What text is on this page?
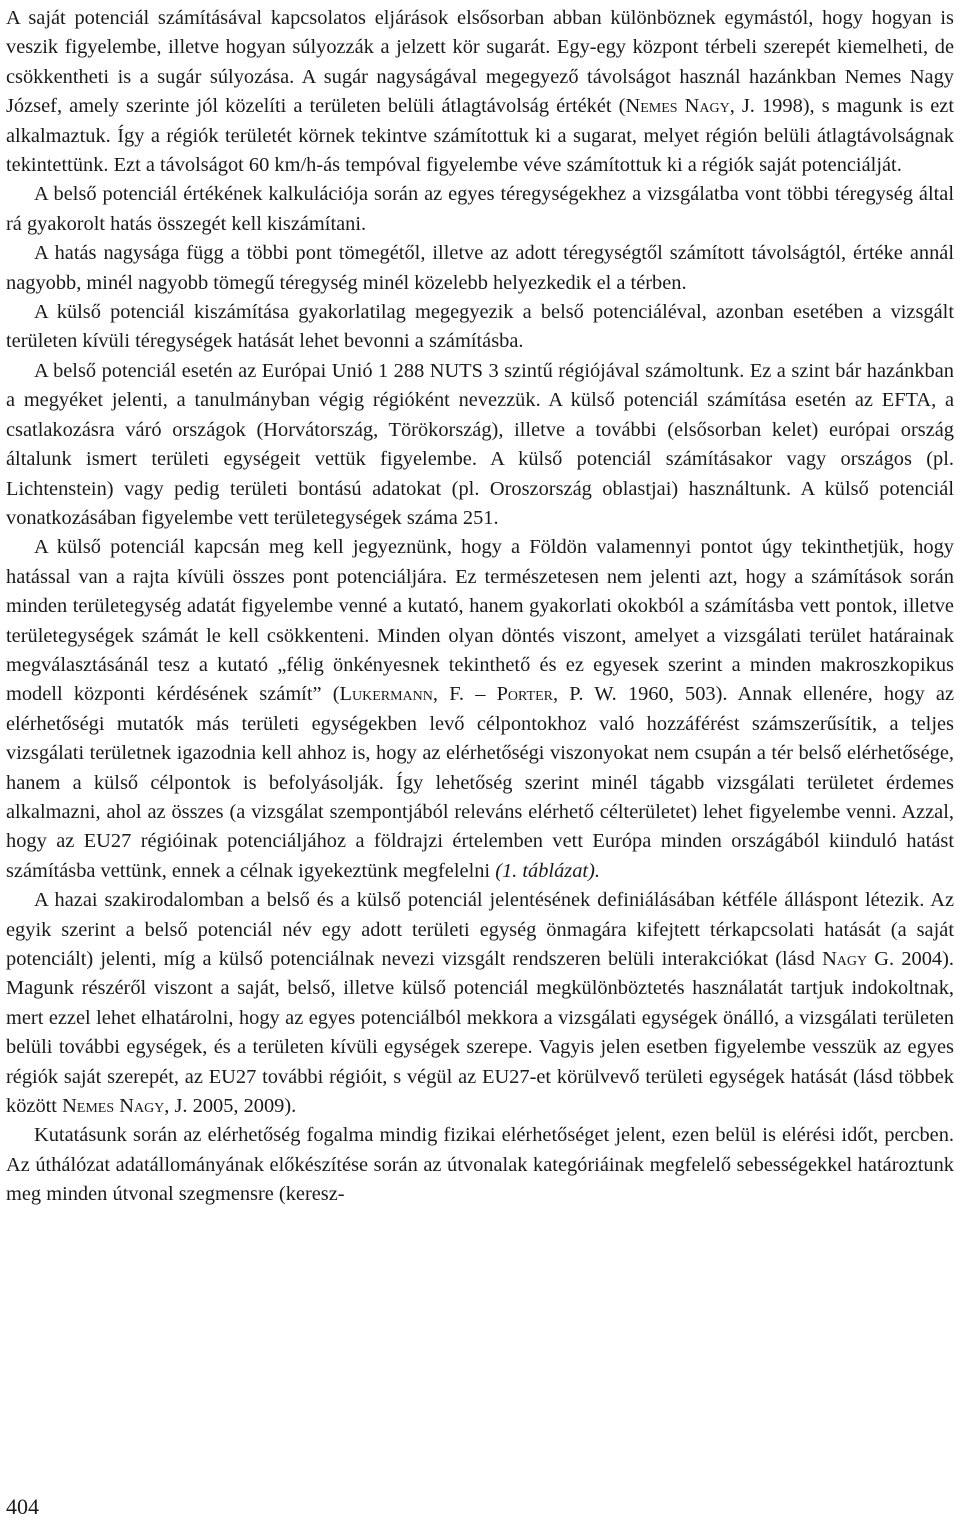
A saját potenciál számításával kapcsolatos eljárások elsősorban abban különböznek egymástól, hogy hogyan is veszik figyelembe, illetve hogyan súlyozzák a jelzett kör sugarát. Egy-egy központ térbeli szerepét kiemelheti, de csökkentheti is a sugár súlyozása. A sugár nagyságával megegyező távolságot használ hazánkban Nemes Nagy József, amely szerinte jól közelíti a területen belüli átlagtávolság értékét (Nemes Nagy, J. 1998), s magunk is ezt alkalmaztuk. Így a régiók területét körnek tekintve számítottuk ki a sugarat, melyet régión belüli átlagtávolságnak tekintettünk. Ezt a távolságot 60 km/h-ás tempóval figyelembe véve számítottuk ki a régiók saját potenciálját.

A belső potenciál értékének kalkulációja során az egyes téregységekhez a vizsgálatba vont többi téregység által rá gyakorolt hatás összegét kell kiszámítani.

A hatás nagysága függ a többi pont tömegétől, illetve az adott téregységtől számított távolságtól, értéke annál nagyobb, minél nagyobb tömegű téregység minél közelebb helyezkedik el a térben.

A külső potenciál kiszámítása gyakorlatilag megegyezik a belső potenciáléval, azonban esetében a vizsgált területen kívüli téregységek hatását lehet bevonni a számításba.

A belső potenciál esetén az Európai Unió 1 288 NUTS 3 szintű régiójával számoltunk. Ez a szint bár hazánkban a megyéket jelenti, a tanulmányban végig régióként nevezzük. A külső potenciál számítása esetén az EFTA, a csatlakozásra váró országok (Horvátország, Törökország), illetve a további (elsősorban kelet) európai ország általunk ismert területi egységeit vettük figyelembe. A külső potenciál számításakor vagy országos (pl. Lichtenstein) vagy pedig területi bontású adatokat (pl. Oroszország oblastjai) használtunk. A külső potenciál vonatkozásában figyelembe vett területegységek száma 251.

A külső potenciál kapcsán meg kell jegyeznünk, hogy a Földön valamennyi pontot úgy tekinthetjük, hogy hatással van a rajta kívüli összes pont potenciáljára. Ez természetesen nem jelenti azt, hogy a számítások során minden területegység adatát figyelembe venné a kutató, hanem gyakorlati okokból a számításba vett pontok, illetve területegységek számát le kell csökkenteni. Minden olyan döntés viszont, amelyet a vizsgálati terület határainak megválasztásánál tesz a kutató „félig önkényesnek tekinthető és ez egyesek szerint a minden makroszkopikus modell központi kérdésének számít” (Lukermann, F. – Porter, P. W. 1960, 503). Annak ellenére, hogy az elérhetőségi mutatók más területi egységekben levő célpontokhoz való hozzáférést számszerűsítik, a teljes vizsgálati területnek igazodnia kell ahhoz is, hogy az elérhetőségi viszonyokat nem csupán a tér belső elérhetősége, hanem a külső célpontok is befolyásolják. Így lehetőség szerint minél tágabb vizsgálati területet érdemes alkalmazni, ahol az összes (a vizsgálat szempontjából releváns elérhető célterületet) lehet figyelembe venni. Azzal, hogy az EU27 régióinak potenciáljához a földrajzi értelemben vett Európa minden országából kiinduló hatást számításba vettünk, ennek a célnak igyekeztünk megfelelni (1. táblázat).

A hazai szakirodalomban a belső és a külső potenciál jelentésének definiálásában kétféle álláspont létezik. Az egyik szerint a belső potenciál név egy adott területi egység önmagára kifejtett térkapcsolati hatását (a saját potenciált) jelenti, míg a külső potenciálnak nevezi vizsgált rendszeren belüli interakciókat (lásd Nagy G. 2004). Magunk részéről viszont a saját, belső, illetve külső potenciál megkülönböztetés használatát tartjuk indokoltnak, mert ezzel lehet elhatárolni, hogy az egyes potenciálból mekkora a vizsgálati egységek önálló, a vizsgálati területen belüli további egységek, és a területen kívüli egységek szerepe. Vagyis jelen esetben figyelembe vesszük az egyes régiók saját szerepét, az EU27 további régióit, s végül az EU27-et körülvevő területi egységek hatását (lásd többek között Nemes Nagy, J. 2005, 2009).

Kutatásunk során az elérhetőség fogalma mindig fizikai elérhetőséget jelent, ezen belül is elérési időt, percben. Az úthálózat adatállományának előkészítése során az útvonalak kategóriáinak megfelelő sebességekkel határoztunk meg minden útvonal szegmensre (keresz-

404
